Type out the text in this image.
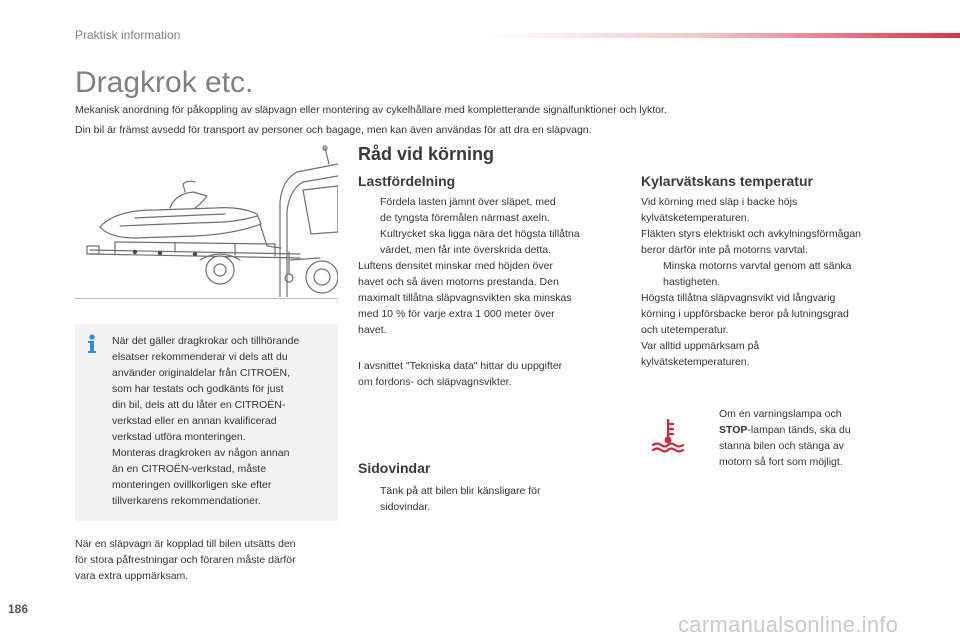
Praktisk information
Dragkrok etc.
Mekanisk anordning för påkoppling av släpvagn eller montering av cykelhållare med kompletterande signalfunktioner och lyktor.
Din bil är främst avsedd för transport av personer och bagage, men kan även användas för att dra en släpvagn.
När det gäller dragkrokar och tillhörande
elsatser rekommenderar vi dels att du
använder originaldelar från CITROËN,
som har testats och godkänts för just
din bil, dels att du låter en CITROËN-
verkstad eller en annan kvalificerad
verkstad utföra monteringen.
Monteras dragkroken av någon annan
än en CITROËN-verkstad, måste
monteringen ovillkorligen ske efter
tillverkarens rekommendationer.
När en släpvagn är kopplad till bilen utsätts den
för stora påfrestningar och föraren måste därför
vara extra uppmärksam.
Råd vid körning
Lastfördelning
Fördela lasten jämnt över släpet, med
de tyngsta föremålen närmast axeln.
Kultrycket ska ligga nära det högsta tillåtna
värdet, men får inte överskrida detta.
Luftens densitet minskar med höjden över
havet och så även motorns prestanda. Den
maximalt tillåtna släpvagnsvikten ska minskas
med 10 % för varje extra 1 000 meter över
havet.
I avsnittet "Tekniska data" hittar du uppgifter
om fordons- och släpvagnsvikter.
Sidovindar
Tänk på att bilen blir känsligare för
sidovindar.
Kylarvätskans temperatur
Vid körning med släp i backe höjs
kylvätsketemperaturen.
Fläkten styrs elektriskt och avkylningsförmågan
beror därför inte på motorns varvtal.
Minska motorns varvtal genom att sänka
hastigheten.
Högsta tillåtna släpvagnsvikt vid långvarig
körning i uppförsbacke beror på lutningsgrad
och utetemperatur.
Var alltid uppmärksam på
kylvätsketemperaturen.
Om en varningslampa och
STOP-lampan tänds, ska du
stanna bilen och stänga av
motorn så fort som möjligt.
186
carmanualsonline.info
